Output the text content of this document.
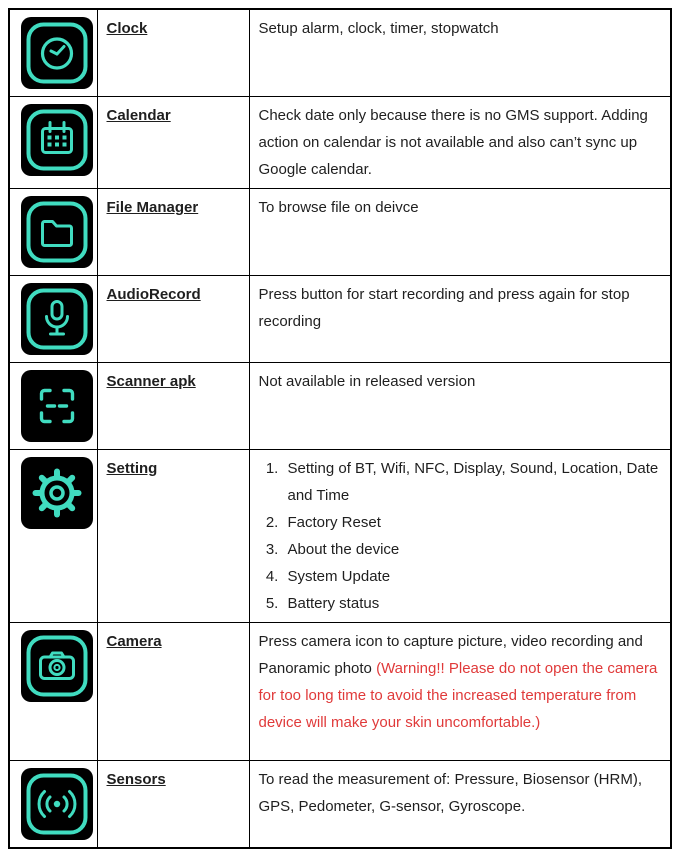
	Clock	Setup alarm, clock, timer, stopwatch

	Calendar	Check date only because there is no GMS support. Adding action on calendar is not available and also can’t sync up Google calendar.

	File Manager	To browse file on deivce

	AudioRecord	Press button for start recording and press again for stop recording

	Scanner apk	Not available in released version

	Setting	
1.Setting of BT, Wifi, NFC, Display, Sound, Location, Date and Time
2. Factory Reset
3. About the device
4. System Update
5. Battery status

	Camera	Press camera icon to capture picture, video recording and Panoramic photo (Warning!! Please do not open the camera for too long time to avoid the increased temperature from device will make your skin uncomfortable.)

	Sensors	To read the measurement of: Pressure, Biosensor (HRM), GPS, Pedometer, G-sensor, Gyroscope.
